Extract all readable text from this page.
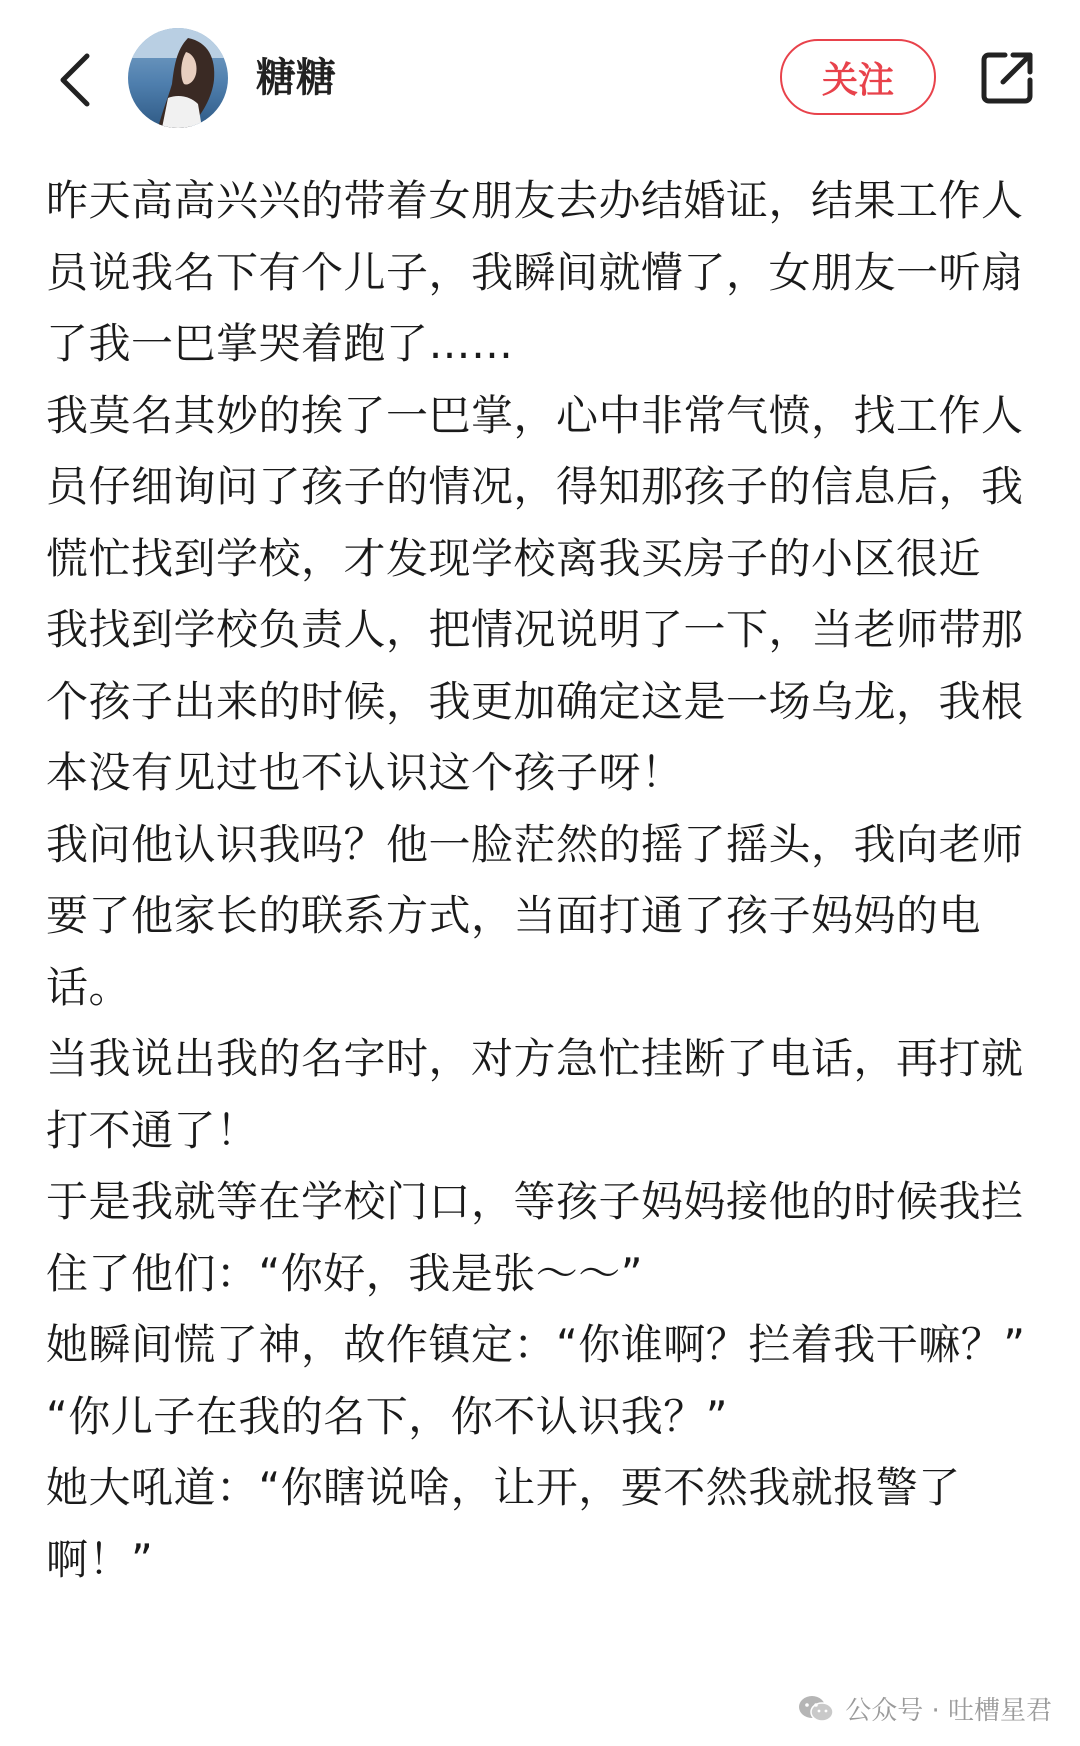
糖糖	关注

昨天高高兴兴的带着女朋友去办结婚证，结果工作人员说我名下有个儿子，我瞬间就懵了，女朋友一听扇了我一巴掌哭着跑了……

我莫名其妙的挨了一巴掌，心中非常气愤，找工作人员仔细询问了孩子的情况，得知那孩子的信息后，我慌忙找到学校，才发现学校离我买房子的小区很近

我找到学校负责人，把情况说明了一下，当老师带那个孩子出来的时候，我更加确定这是一场乌龙，我根本没有见过也不认识这个孩子呀！

我问他认识我吗？他一脸茫然的摇了摇头，我向老师要了他家长的联系方式，当面打通了孩子妈妈的电话。

当我说出我的名字时，对方急忙挂断了电话，再打就打不通了！

于是我就等在学校门口，等孩子妈妈接他的时候我拦住了他们：“你好，我是张～～”

她瞬间慌了神，故作镇定：“你谁啊？拦着我干嘛？”

“你儿子在我的名下，你不认识我？”

她大吼道：“你瞎说啥，让开，要不然我就报警了啊！”

公众号 · 吐槽星君
